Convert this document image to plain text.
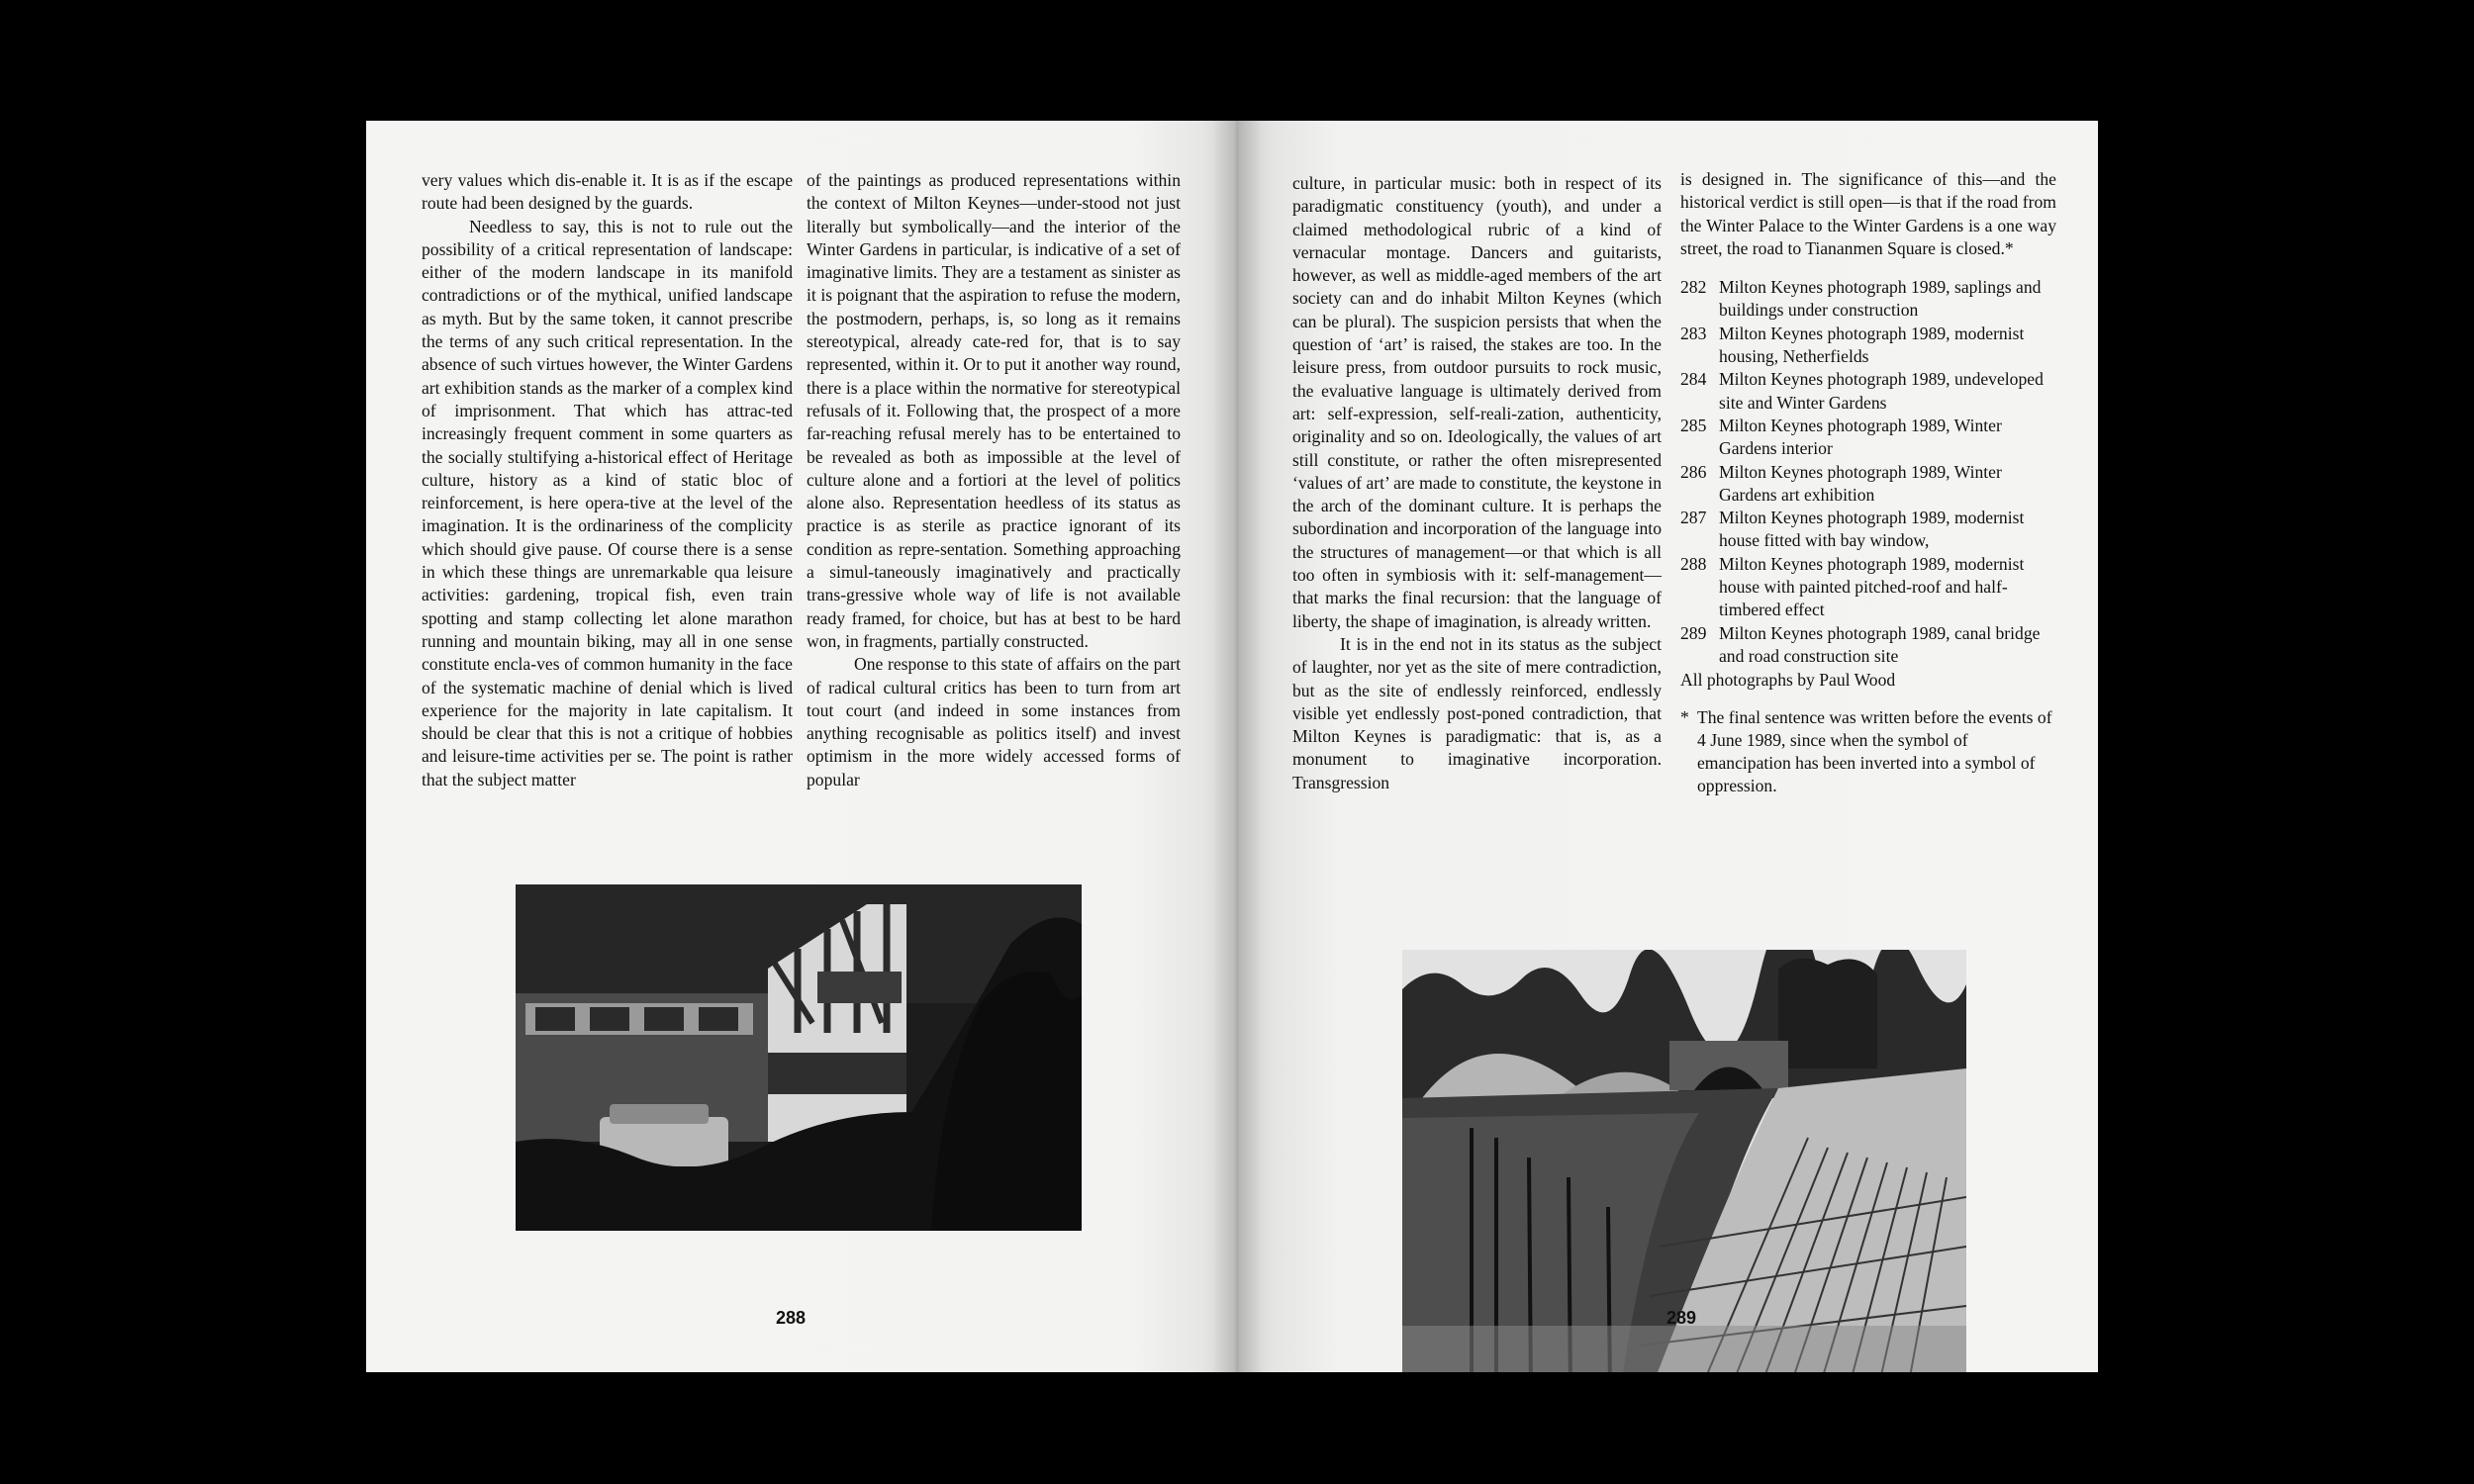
very values which dis-enable it. It is as if the escape route had been designed by the guards.

Needless to say, this is not to rule out the possibility of a critical representation of landscape: either of the modern landscape in its manifold contradictions or of the mythical, unified landscape as myth. But by the same token, it cannot prescribe the terms of any such critical representation. In the absence of such virtues however, the Winter Gardens art exhibition stands as the marker of a complex kind of imprisonment. That which has attrac-ted increasingly frequent comment in some quarters as the socially stultifying a-historical effect of Heritage culture, history as a kind of static bloc of reinforcement, is here opera-tive at the level of the imagination. It is the ordinariness of the complicity which should give pause. Of course there is a sense in which these things are unremarkable qua leisure activities: gardening, tropical fish, even train spotting and stamp collecting let alone marathon running and mountain biking, may all in one sense constitute encla-ves of common humanity in the face of the systematic machine of denial which is lived experience for the majority in late capitalism. It should be clear that this is not a critique of hobbies and leisure-time activities per se. The point is rather that the subject matter

of the paintings as produced representations within the context of Milton Keynes—under-stood not just literally but symbolically—and the interior of the Winter Gardens in particular, is indicative of a set of imaginative limits. They are a testament as sinister as it is poignant that the aspiration to refuse the modern, the postmodern, perhaps, is, so long as it remains stereotypical, already cate-red for, that is to say represented, within it. Or to put it another way round, there is a place within the normative for stereotypical refusals of it. Following that, the prospect of a more far-reaching refusal merely has to be entertained to be revealed as both as impossible at the level of culture alone and a fortiori at the level of politics alone also. Representation heedless of its status as practice is as sterile as practice ignorant of its condition as repre-sentation. Something approaching a simul-taneously imaginatively and practically trans-gressive whole way of life is not available ready framed, for choice, but has at best to be hard won, in fragments, partially constructed.

One response to this state of affairs on the part of radical cultural critics has been to turn from art tout court (and indeed in some instances from anything recognisable as politics itself) and invest optimism in the more widely accessed forms of popular

288

culture, in particular music: both in respect of its paradigmatic constituency (youth), and under a claimed methodological rubric of a kind of vernacular montage. Dancers and guitarists, however, as well as middle-aged members of the art society can and do inhabit Milton Keynes (which can be plural). The suspicion persists that when the question of ‘art’ is raised, the stakes are too. In the leisure press, from outdoor pursuits to rock music, the evaluative language is ultimately derived from art: self-expression, self-reali-zation, authenticity, originality and so on. Ideologically, the values of art still constitute, or rather the often misrepresented ‘values of art’ are made to constitute, the keystone in the arch of the dominant culture. It is perhaps the subordination and incorporation of the language into the structures of management—or that which is all too often in symbiosis with it: self-management—that marks the final recursion: that the language of liberty, the shape of imagination, is already written.

It is in the end not in its status as the subject of laughter, nor yet as the site of mere contradiction, but as the site of endlessly reinforced, endlessly visible yet endlessly post-poned contradiction, that Milton Keynes is paradigmatic: that is, as a monument to imaginative incorporation. Transgression

is designed in. The significance of this—and the historical verdict is still open—is that if the road from the Winter Palace to the Winter Gardens is a one way street, the road to Tiananmen Square is closed.*

282 Milton Keynes photograph 1989, saplings and buildings under construction
283 Milton Keynes photograph 1989, modernist housing, Netherfields
284 Milton Keynes photograph 1989, undeveloped site and Winter Gardens
285 Milton Keynes photograph 1989, Winter Gardens interior
286 Milton Keynes photograph 1989, Winter Gardens art exhibition
287 Milton Keynes photograph 1989, modernist house fitted with bay window,
288 Milton Keynes photograph 1989, modernist house with painted pitched-roof and half-timbered effect
289 Milton Keynes photograph 1989, canal bridge and road construction site
All photographs by Paul Wood
* The final sentence was written before the events of 4 June 1989, since when the symbol of emancipation has been inverted into a symbol of oppression.
289
